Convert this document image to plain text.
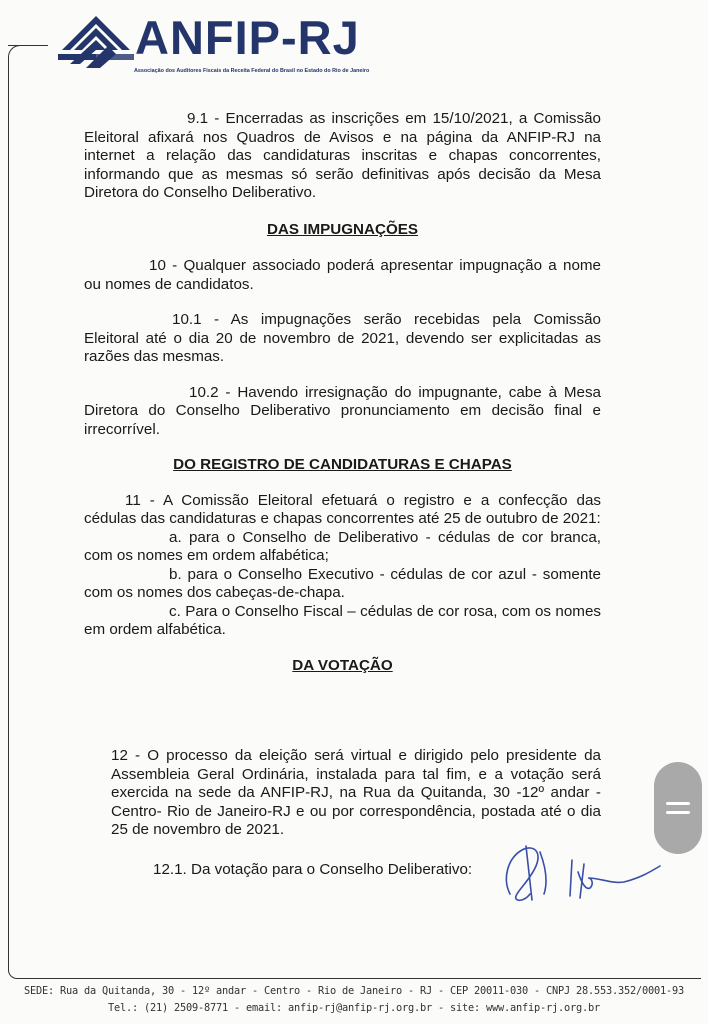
ANFIP-RJ
Associação dos Auditores Fiscais da Receita Federal do Brasil no Estado do Rio de Janeiro

9.1 - Encerradas as inscrições em 15/10/2021, a Comissão Eleitoral afixará nos Quadros de Avisos e na página da ANFIP-RJ na internet a relação das candidaturas inscritas e chapas concorrentes, informando que as mesmas só serão definitivas após decisão da Mesa Diretora do Conselho Deliberativo.

DAS IMPUGNAÇÕES

10 - Qualquer associado poderá apresentar impugnação a nome ou nomes de candidatos.

10.1 - As impugnações serão recebidas pela Comissão Eleitoral até o dia 20 de novembro de 2021, devendo ser explicitadas as razões das mesmas.

10.2 - Havendo irresignação do impugnante, cabe à Mesa Diretora do Conselho Deliberativo pronunciamento em decisão final e irrecorrível.

DO REGISTRO DE CANDIDATURAS E CHAPAS

11 - A Comissão Eleitoral efetuará o registro e a confecção das cédulas das candidaturas e chapas concorrentes até 25 de outubro de 2021:

a. para o Conselho de Deliberativo - cédulas de cor branca, com os nomes em ordem alfabética;

b. para o Conselho Executivo - cédulas de cor azul - somente com os nomes dos cabeças-de-chapa.

c. Para o Conselho Fiscal – cédulas de cor rosa, com os nomes em ordem alfabética.

DA VOTAÇÃO

12 - O processo da eleição será virtual e dirigido pelo presidente da Assembleia Geral Ordinária, instalada para tal fim, e a votação será exercida na sede da ANFIP-RJ, na Rua da Quitanda, 30 -12º andar - Centro- Rio de Janeiro-RJ e ou por correspondência, postada até o dia 25 de novembro de 2021.

12.1. Da votação para o Conselho Deliberativo:
SEDE: Rua da Quitanda, 30 - 12º andar - Centro - Rio de Janeiro - RJ - CEP 20011-030 - CNPJ 28.553.352/0001-93
Tel.: (21) 2509-8771 - email: anfip-rj@anfip-rj.org.br - site: www.anfip-rj.org.br
